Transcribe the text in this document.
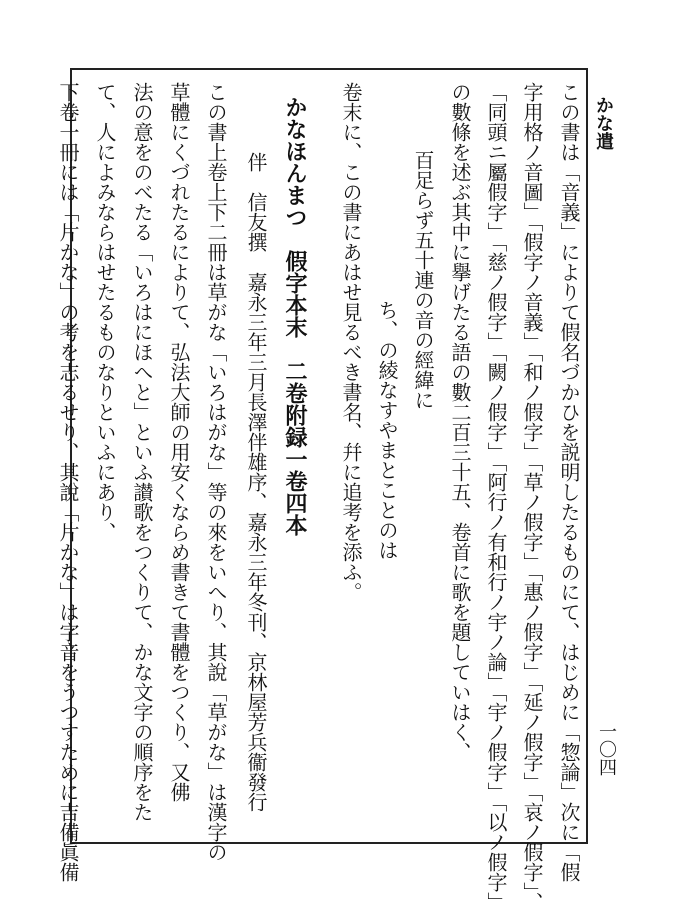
かな遣
一〇四
この書は「音義」によりて假名づかひを説明したるものにて、はじめに「惣論」次に「假
字用格ノ音圖」「假字ノ音義」「和ノ假字」「草ノ假字」「惠ノ假字」「延ノ假字」「哀ノ假字」、
「同頭ニ屬假字」「慈ノ假字」「闕ノ假字」「阿行ノ有和行ノ宇ノ論」「宇ノ假字」「以ノ假字」
の數條を述ぶ其中に擧げたる語の數二百三十五、卷首に歌を題していはく、
百足らず五十連の音の經緯に
ち、の綾なすやまとことのは
卷末に、この書にあはせ見るべき書名、幷に追考を添ふ。
かなほんまつ　假字本末　二卷附録一卷四本
伴　信友撰　嘉永三年三月長澤伴雄序、嘉永三年冬刊、京林屋芳兵衞發行
この書上卷上下二冊は草がな「いろはがな」等の來をいへり、其說「草がな」は漢字の
草體にくづれたるによりて、弘法大師の用安くならめ書きて書體をつくり、又佛
法の意をのべたる「いろはにほへと」といふ讃歌をつくりて、かな文字の順序をた
て、人によみならはせたるものなりといふにあり、
下卷一冊には「片かな」の考を志るせり、其說「片かな」は字音をうつすために吉備眞備
